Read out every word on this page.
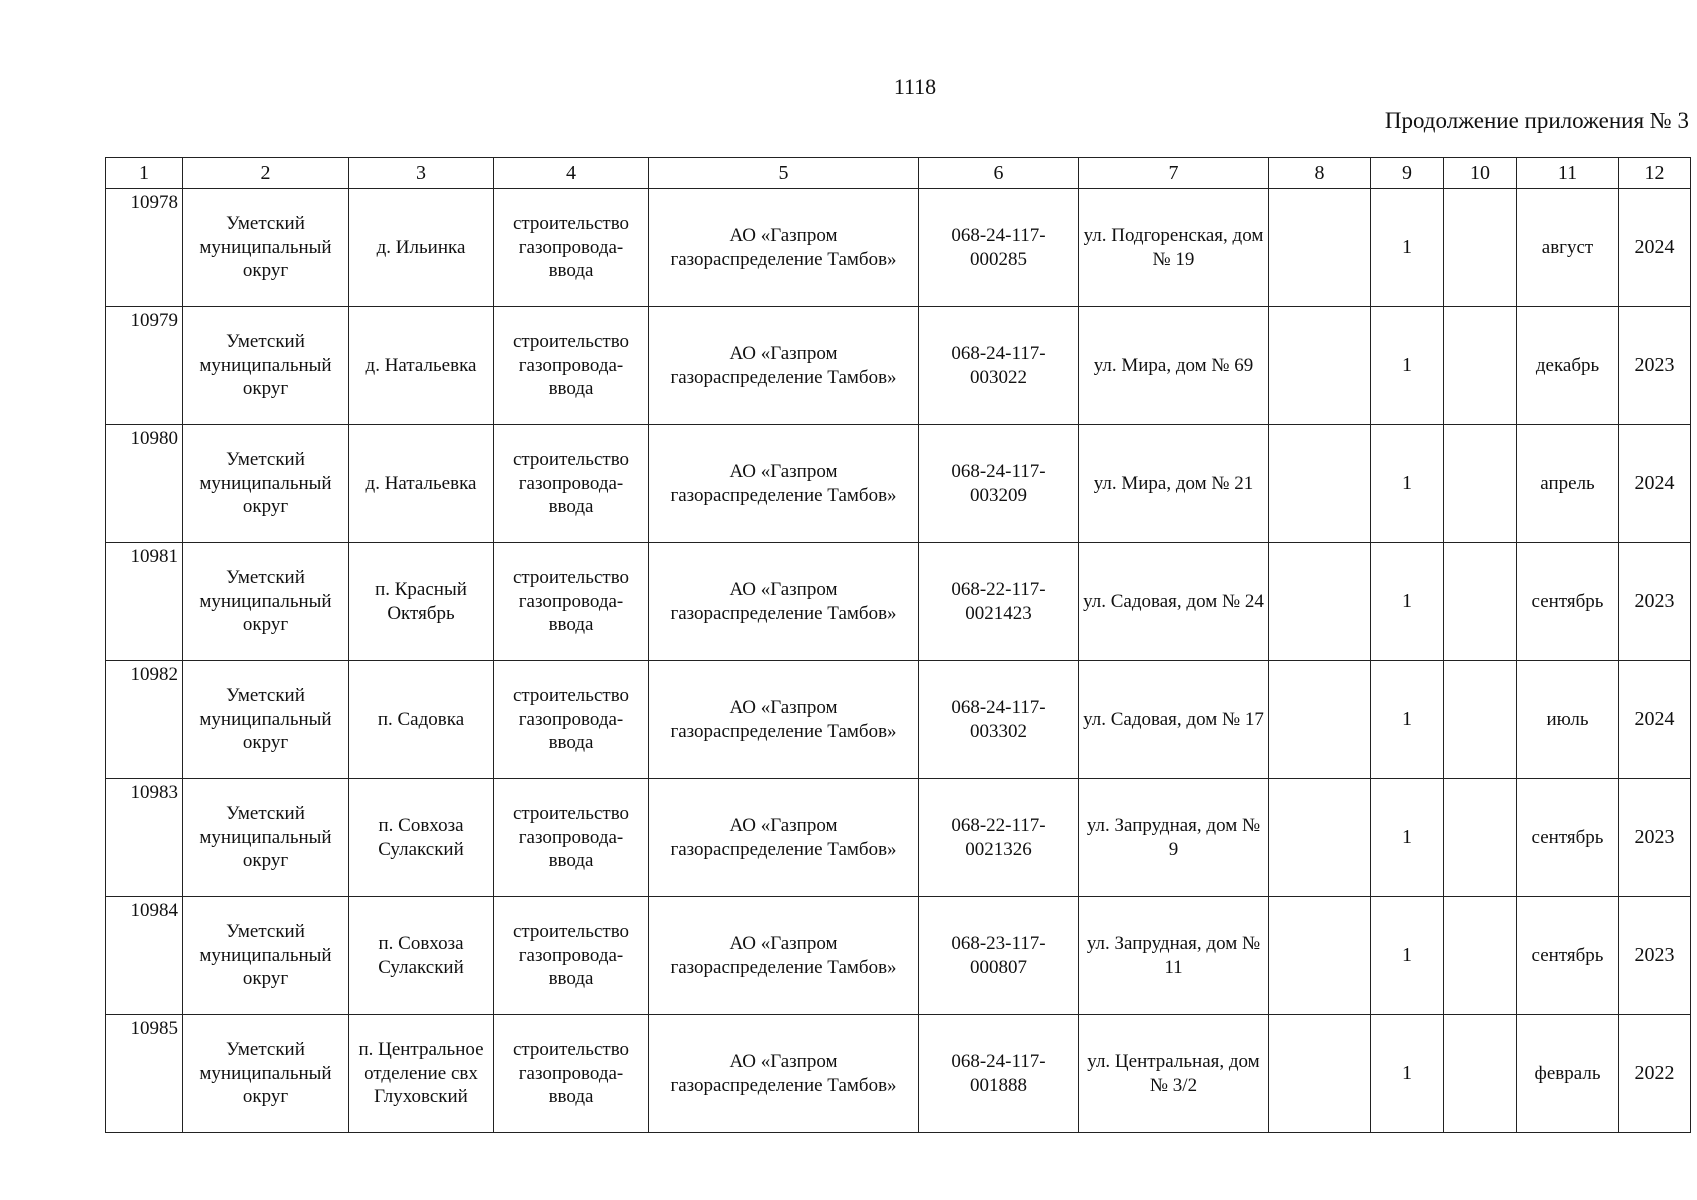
1118
Продолжение приложения № 3
1	2	3	4	5	6	7	8	9	10	11	12
10978	Уметский муниципальный округ	д. Ильинка	строительство газопровода-ввода	АО «Газпром газораспределение Тамбов»	068-24-117-000285	ул. Подгоренская, дом № 19		1		август	2024
10979	Уметский муниципальный округ	д. Натальевка	строительство газопровода-ввода	АО «Газпром газораспределение Тамбов»	068-24-117-003022	ул. Мира, дом № 69		1		декабрь	2023
10980	Уметский муниципальный округ	д. Натальевка	строительство газопровода-ввода	АО «Газпром газораспределение Тамбов»	068-24-117-003209	ул. Мира, дом № 21		1		апрель	2024
10981	Уметский муниципальный округ	п. Красный Октябрь	строительство газопровода-ввода	АО «Газпром газораспределение Тамбов»	068-22-117-0021423	ул. Садовая, дом № 24		1		сентябрь	2023
10982	Уметский муниципальный округ	п. Садовка	строительство газопровода-ввода	АО «Газпром газораспределение Тамбов»	068-24-117-003302	ул. Садовая, дом № 17		1		июль	2024
10983	Уметский муниципальный округ	п. Совхоза Сулакский	строительство газопровода-ввода	АО «Газпром газораспределение Тамбов»	068-22-117-0021326	ул. Запрудная, дом № 9		1		сентябрь	2023
10984	Уметский муниципальный округ	п. Совхоза Сулакский	строительство газопровода-ввода	АО «Газпром газораспределение Тамбов»	068-23-117-000807	ул. Запрудная, дом № 11		1		сентябрь	2023
10985	Уметский муниципальный округ	п. Центральное отделение свх Глуховский	строительство газопровода-ввода	АО «Газпром газораспределение Тамбов»	068-24-117-001888	ул. Центральная, дом № 3/2		1		февраль	2022
